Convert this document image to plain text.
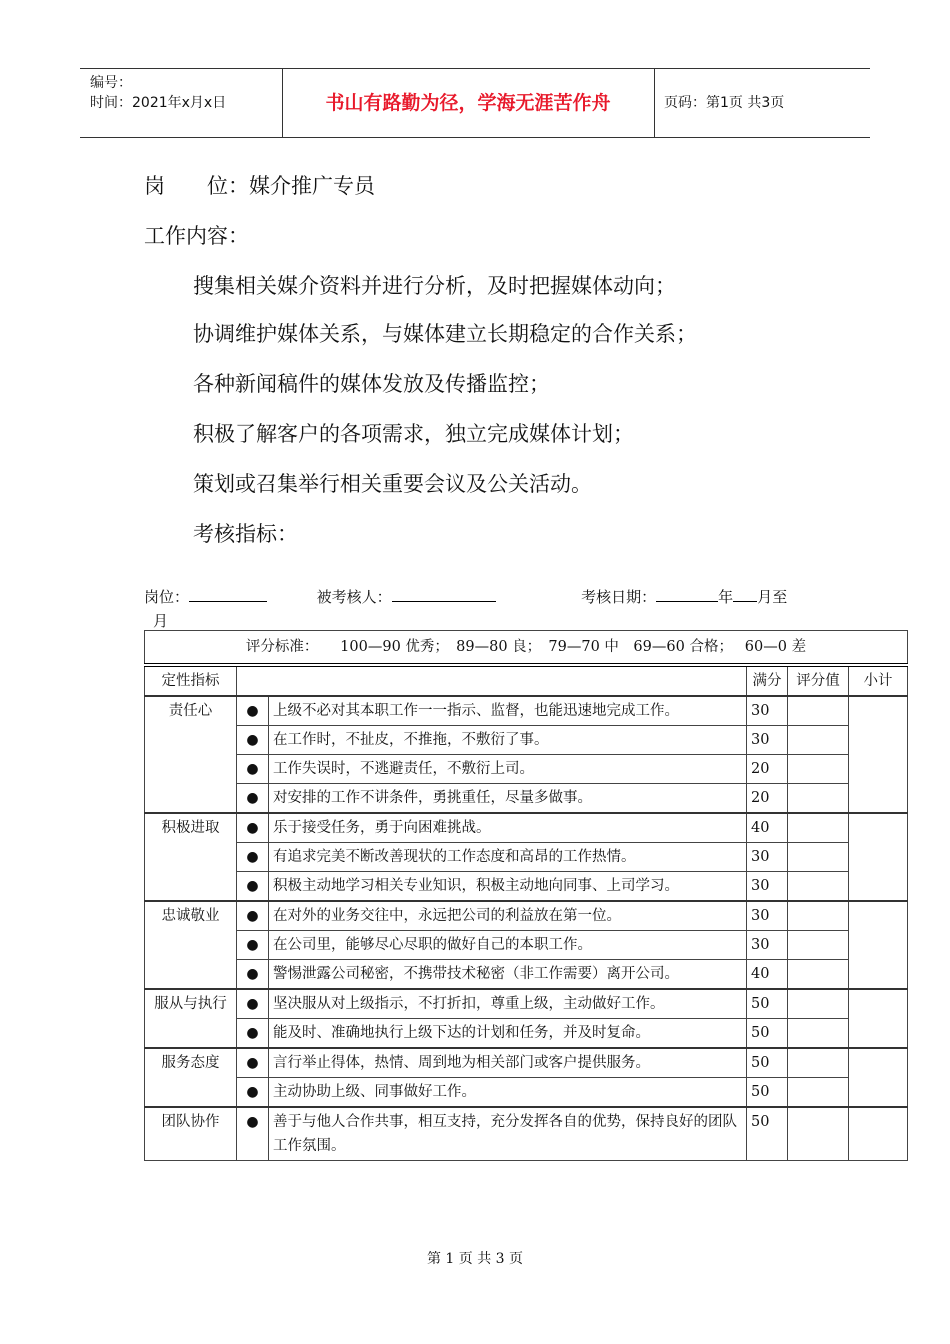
编号：
时间：2021年x月x日	书山有路勤为径，学海无涯苦作舟	页码：第1页 共3页
岗　　位：媒介推广专员
工作内容：
搜集相关媒介资料并进行分析，及时把握媒体动向；
协调维护媒体关系，与媒体建立长期稳定的合作关系；
各种新闻稿件的媒体发放及传播监控；
积极了解客户的各项需求，独立完成媒体计划；
策划或召集举行相关重要会议及公关活动。
考核指标：
岗位：	被考核人：	考核日期：	年 月至
月
评分标准：　　100—90 优秀；　89—80 良；　79—70 中　69—60 合格；　 60—0 差					
定性指标			满分	评分值	小计
责任心	●	上级不必对其本职工作一一指示、监督，也能迅速地完成工作。	30		
	●	在工作时，不扯皮，不推拖，不敷衍了事。	30		
	●	工作失误时，不逃避责任，不敷衍上司。	20		
	●	对安排的工作不讲条件，勇挑重任，尽量多做事。	20		
积极进取	●	乐于接受任务，勇于向困难挑战。	40		
	●	有追求完美不断改善现状的工作态度和高昂的工作热情。	30		
	●	积极主动地学习相关专业知识，积极主动地向同事、上司学习。	30		
忠诚敬业	●	在对外的业务交往中，永远把公司的利益放在第一位。	30		
	●	在公司里，能够尽心尽职的做好自己的本职工作。	30		
	●	警惕泄露公司秘密，不携带技术秘密（非工作需要）离开公司。	40		
服从与执行	●	坚决服从对上级指示，不打折扣，尊重上级，主动做好工作。	50		
	●	能及时、准确地执行上级下达的计划和任务，并及时复命。	50		
服务态度	●	言行举止得体，热情、周到地为相关部门或客户提供服务。	50		
	●	主动协助上级、同事做好工作。	50		
团队协作	●	善于与他人合作共事，相互支持，充分发挥各自的优势，保持良好的团队工作氛围。	50		
第 1 页 共 3 页
